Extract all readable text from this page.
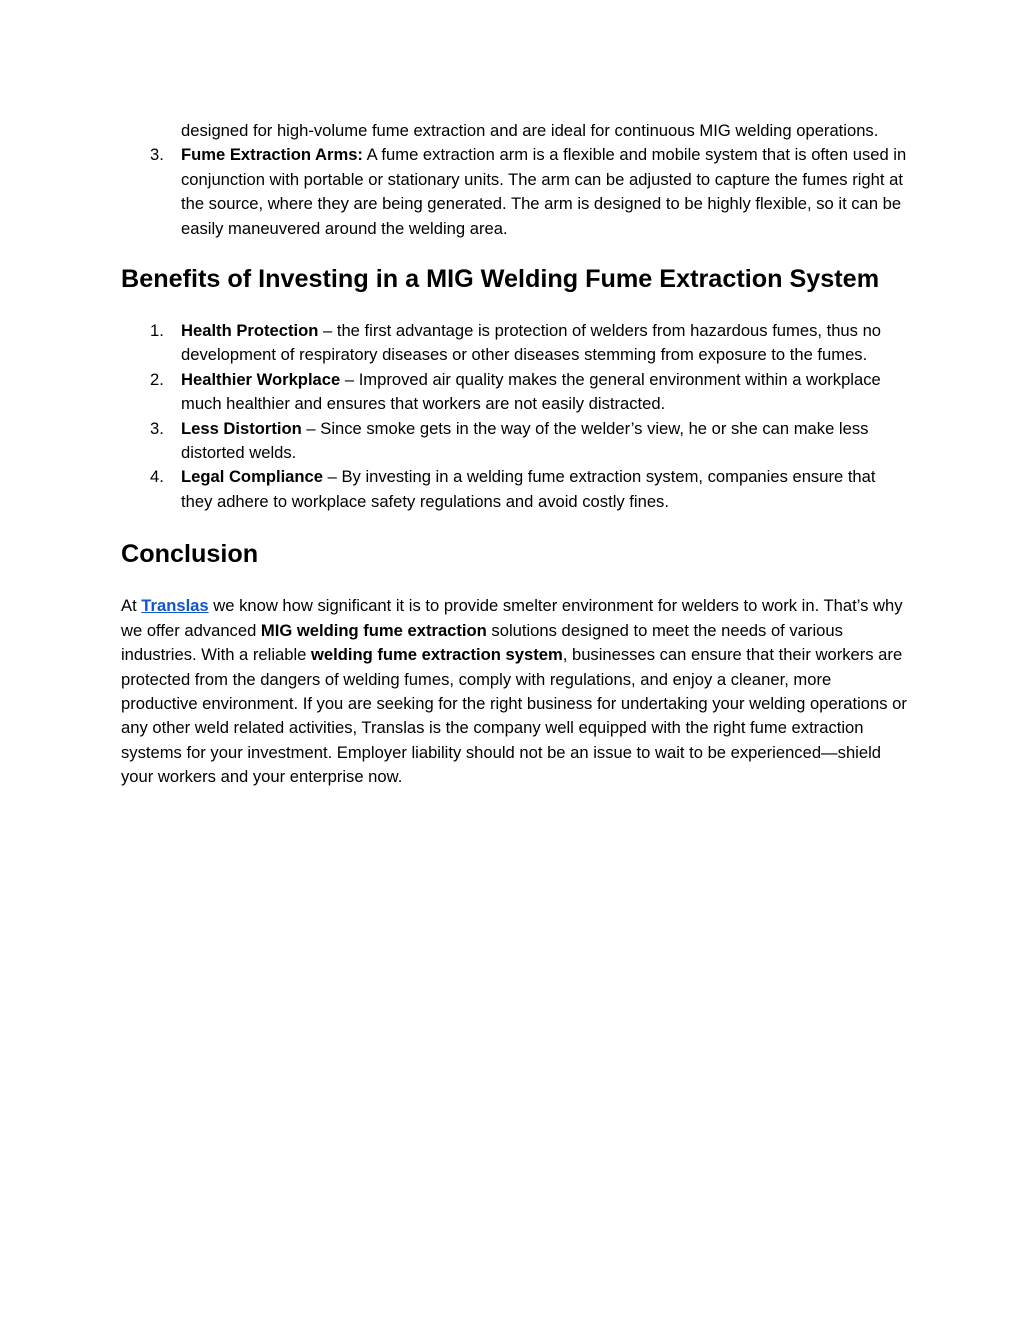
designed for high-volume fume extraction and are ideal for continuous MIG welding operations.
3. Fume Extraction Arms: A fume extraction arm is a flexible and mobile system that is often used in conjunction with portable or stationary units. The arm can be adjusted to capture the fumes right at the source, where they are being generated. The arm is designed to be highly flexible, so it can be easily maneuvered around the welding area.
Benefits of Investing in a MIG Welding Fume Extraction System
1. Health Protection – the first advantage is protection of welders from hazardous fumes, thus no development of respiratory diseases or other diseases stemming from exposure to the fumes.
2. Healthier Workplace – Improved air quality makes the general environment within a workplace much healthier and ensures that workers are not easily distracted.
3. Less Distortion – Since smoke gets in the way of the welder’s view, he or she can make less distorted welds.
4. Legal Compliance – By investing in a welding fume extraction system, companies ensure that they adhere to workplace safety regulations and avoid costly fines.
Conclusion

At Translas we know how significant it is to provide smelter environment for welders to work in. That’s why we offer advanced MIG welding fume extraction solutions designed to meet the needs of various industries. With a reliable welding fume extraction system, businesses can ensure that their workers are protected from the dangers of welding fumes, comply with regulations, and enjoy a cleaner, more productive environment. If you are seeking for the right business for undertaking your welding operations or any other weld related activities, Translas is the company well equipped with the right fume extraction systems for your investment. Employer liability should not be an issue to wait to be experienced—shield your workers and your enterprise now.
